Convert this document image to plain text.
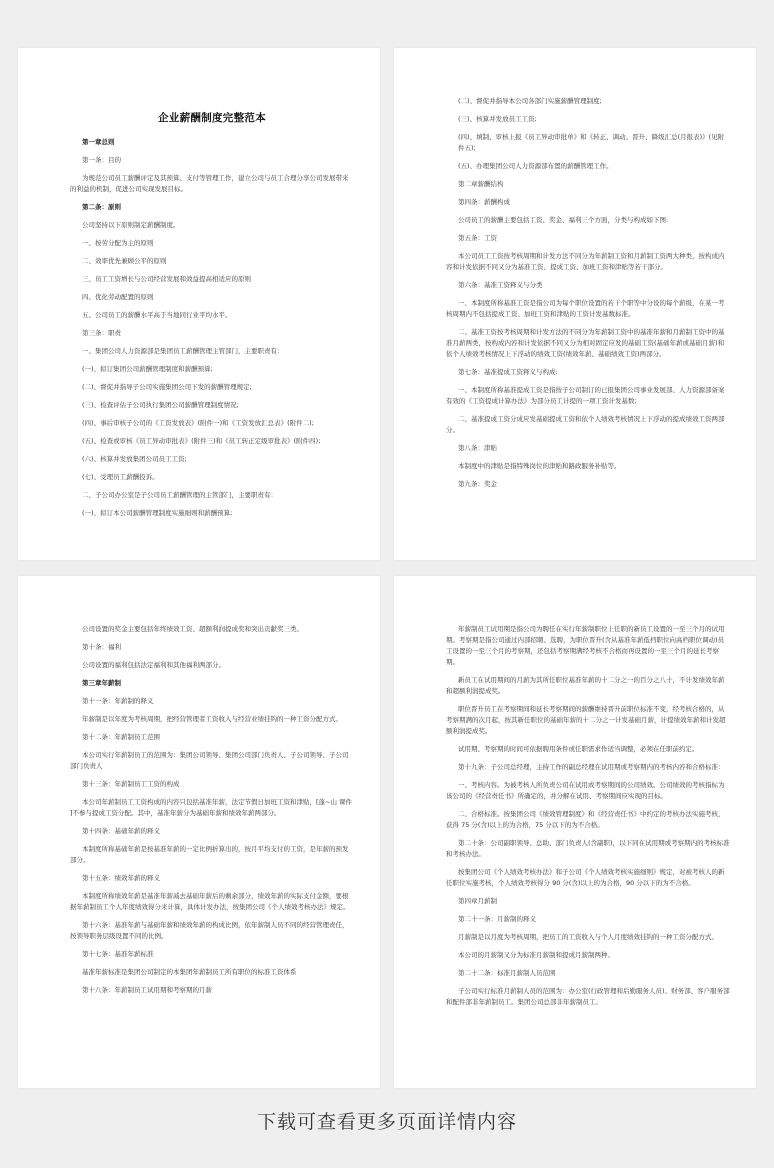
企业薪酬制度完整范本

第一章总则

第一条：目的

为规范公司员工薪酬评定及其预算、支付等管理工作，建立公司与员工合理分享公司发展带来的利益的机制，促进公司实现发展目标。

第二条：原则

公司坚持以下原则制定薪酬制度。

一、按劳分配为主的原则

二、效率优先兼顾公平的原则

三、员工工资增长与公司经营发展和效益提高相适应的原则

四、优化劳动配置的原则

五、公司员工的薪酬水平高于当地同行业平均水平。

第三条：职责

一、集团公司人力资源部是集团员工薪酬管理主管部门，主要职责有：

(一)、拟订集团公司薪酬管理制度和薪酬预算;

(二)、督促并指导子公司实施集团公司下发的薪酬管理规定;

(三)、检查评估子公司执行集团公司薪酬管理制度情况;

(四)、事后审核子公司的《工资发放表》(附件一)和《工资发放汇总表》(附件二);

(五)、检查或审核《员工异动审批表》(附件三)和《员工转正定级审批表》(附件四);

(六)、核算并发放集团公司员工工资;

(七)、受理员工薪酬投诉。

二、子公司办公室是子公司员工薪酬管理的主管部门，主要职责有：

(一)、拟订本公司薪酬管理制度实施细则和薪酬预算;

(二)、督促并指导本公司各部门实施薪酬管理制度;

(三)、核算并发放员工工资;

(四)、填制、审核上报《员工异动审批单》和《转正、调动、晋升、降级汇总(月报表)》(见附件五);

(五)、办理集团公司人力资源部布置的薪酬管理工作。

第二章薪酬结构

第四条：薪酬构成

公司员工的薪酬主要包括工资、奖金、福利三个方面，分类与构成如下图:

第五条：工资

本公司员工工资按考核周期和计发方法不同分为年薪制工资和月薪制工资两大种类，按构成内容和计发依据不同又分为基准工资、提成工资、加班工资和津贴等若干部分。

第六条：基准工资释义与分类

一、本制度所称基准工资是指公司为每个职位设置的若干个职等中分设的每个薪级，在某一考核周期内不包括提成工资、加班工资和津贴的工资计发基数标准。

二、基准工资按考核周期和计发方法的不同分为年薪制工资中的基准年薪和月薪制工资中的基准月薪两类，按构成内容和计发依据不同又分为相对固定应发的基础工资(基础年薪或基础月薪)和依个人绩效考核情况上下浮动的绩效工资(绩效年薪、基础绩效工资)两部分。

第七条：基准提成工资释义与构成:

一、本制度所称基准提成工资是指按子公司制订的已报集团公司事业发展部、人力资源部备案有效的《工资提成计算办法》为部分员工计提的一项工资计发基数;

二、基准提成工资分成应发基础提成工资和依个人绩效考核情况上下浮动的提成绩效工资两部分。

第八条：津贴

本制度中的津贴是指特殊岗位的津贴和路政服务补贴等。

第九条：奖金

公司设置的奖金主要包括年终绩效工资、超额利润提成奖和突出贡献奖三类。

第十条：福利

公司设置的福利包括法定福利和其他福利两部分。

第三章年薪制

第十一条：年薪制的释义

年薪制是以年度为考核周期，把经营管理者工资收入与经营业绩挂钩的一种工资分配方式。

第十二条：年薪制员工范围

本公司实行年薪制员工的范围为：集团公司领导、集团公司部门负责人、子公司领导、子公司部门负责人

第十三条：年薪制员工工资的构成

本公司年薪制员工工资构成的内容只包括基准年薪，法定节假日加班工资和津贴，[蓬~山 课件 ]不参与提成工资分配。其中，基准年薪分为基础年薪和绩效年薪两部分。

第十四条：基础年薪的释义

本制度所称基础年薪是按基准年薪的一定比例折算出的，按月平均支付的工资，是年薪的预发部分。

第十五条：绩效年薪的释义

本制度所称绩效年薪是基准年薪减去基础年薪后的剩余部分，绩效年薪的实际支付金额，要根据年薪制员工个人年度绩效得分来计算，具体计发办法，按集团公司《个人绩效考核办法》规定。

第十六条：基准年薪与基础年薪和绩效年薪的构成比例，依年薪制人员不同的经营管理责任，按领导职务层级设置不同的比例。

第十七条：基准年薪标准

基准年薪标准是集团公司制定的本集团年薪制员工所有职位的标准工资体系

第十八条：年薪制员工试用期和考察期的月薪

年薪制员工试用期是指公司为聘任在实行年薪制职位上任职的新员工设置的一至三个月的试用期。考察期是指公司通过内部招聘、选聘，为职位晋升(含从基准年薪低档职位向高档职位调动)员工设置的一至三个月的考察期，还包括考察期满经考核不合格而再设置的一至三个月的延长考察期。

新员工在试用期间的月薪为其所任职位基准年薪的十二分之一的百分之八十，不计发绩效年薪和超额利润提成奖。

职位晋升员工在考察期间和延长考察期间的薪酬维持晋升前职位标准不变，经考核合格的，从考察期满的次月起，按其新任职位的基础年薪的十二分之一计发基础月薪，计提绩效年薪和计发超额利润提成奖。

试用期、考察期的时间可依据聘用条件或任职需求作适当调整，必须在任职前约定。

第十九条：子公司总经理，主持工作的副总经理在试用期或考察期内的考核内容和合格标准：

一、考核内容。为被考核人所负责公司在试用或考察期间的公司绩效。公司绩效的考核指标为该公司的《经营责任书》所确定的，并分解在试用、考察期间应实现的目标。

二、合格标准。按集团公司《绩效管理制度》和《经营责任书》中约定的考核办法实施考核，获得 75 分(含)以上的为合格，75 分以下的为不合格。

第二十条：公司副职领导、总助、部门负责人(含副职)，以下同在试用期或考察期内的考核标准和考核办法。

按集团公司《个人绩效考核办法》和子公司《个人绩效考核实施细则》规定，对被考核人的新任职位实施考核，个人绩效考核得分 90 分(含)以上的为合格，90 分以下的为不合格。

第四章月薪制

第二十一条：月薪制的释义

月薪制是以月度为考核周期，把员工的工资收入与个人月度绩效挂钩的一种工资分配方式。

本公司的月薪制又分为标准月薪制和提成月薪制两种。

第二十二条：标准月薪制人员范围

子公司实行标准月薪制人员的范围为：办公室(行政管理和后勤服务人员)、财务部、客户服务部和配件部非年薪制员工。集团公司总部非年薪制员工。

下载可查看更多页面详情内容
